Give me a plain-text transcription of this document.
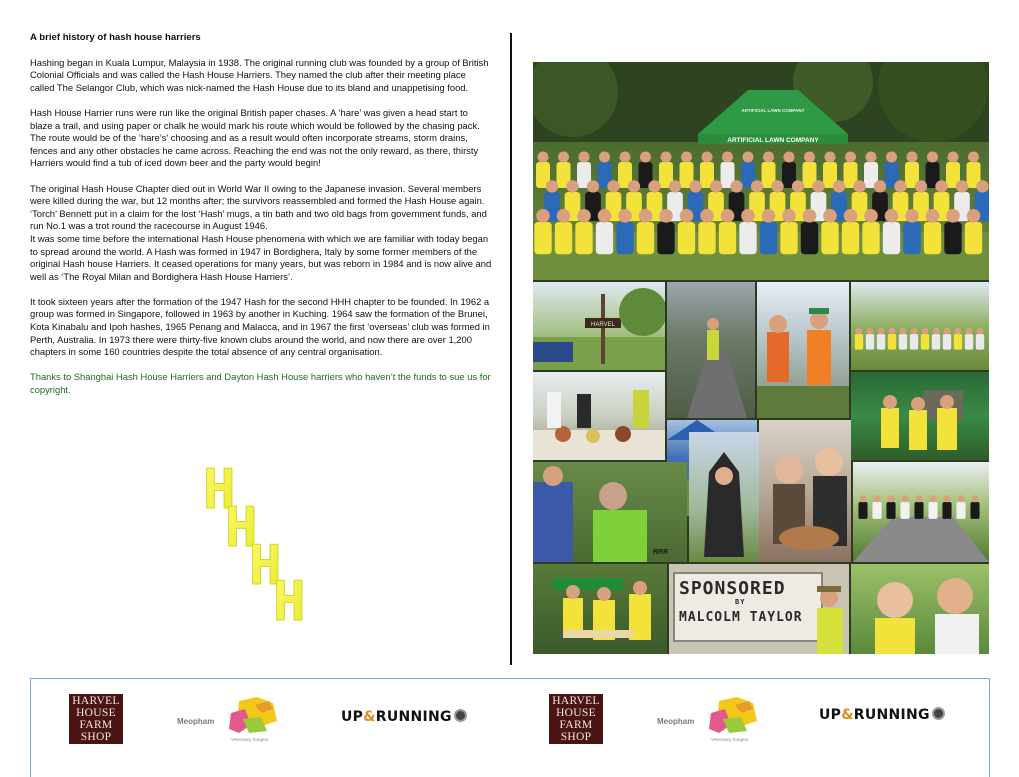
A brief history of hash house harriers

Hashing began in Kuala Lumpur, Malaysia in 1938. The original running club was founded by a group of British Colonial Officials and was called the Hash House Harriers. They named the club after their meeting place called The Selangor Club, which was nick-named the Hash House due to its bland and unappetising food.

Hash House Harrier runs were run like the original British paper chases. A ‘hare’ was given a head start to blaze a trail, and using paper or chalk he would mark his route which would be followed by the chasing pack. The route would be of the ‘hare’s’ choosing and as a result would often incorporate streams, storm drains, fences and any other obstacles he came across. Reaching the end was not the only reward, as there, thirsty Harriers would find a tub of iced down beer and the party would begin!

The original Hash House Chapter died out in World War II owing to the Japanese invasion. Several members were killed during the war, but 12 months after; the survivors reassembled and formed the Hash House again. ‘Torch’ Bennett put in a claim for the lost ‘Hash’ mugs, a tin bath and two old bags from government funds, and run No.1 was a trot round the racecourse in August 1946.

It was some time before the international Hash House phenomena with which we are familiar with today began to spread around the world. A Hash was formed in 1947 in Bordighera, Italy by some former members of the original Hash house Harriers. It ceased operations for many years, but was reborn in 1984 and is now alive and well as ‘The Royal Milan and Bordighera Hash House Harriers’.

It took sixteen years after the formation of the 1947 Hash for the second HHH chapter to be founded. In 1962 a group was formed in Singapore, followed in 1963 by another in Kuching. 1964 saw the formation of the Brunei, Kota Kinabalu and Ipoh hashes, 1965 Penang and Malacca, and in 1967 the first ‘overseas’ club was formed in Perth, Australia. In 1973 there were thirty-five known clubs around the world, and now there are over 1,200 chapters in some 160 countries despite the total absence of any central organisation.

Thanks to Shanghai Hash House Harriers and Dayton Hash House harriers who haven’t the funds to sue us for copyright.

H
H
H
H
ARTIFICIAL LAWN COMPANY
ARTIFICIAL LAWN COMPANY
HARVEL
RRR
SPONSORED
BY
MALCOLM TAYLOR
HARVEL
HOUSE
FARM
SHOP
Meopham
Veterinary Surgery
UP&RUNNING
HARVEL
HOUSE
FARM
SHOP
Meopham
Veterinary Surgery
UP&RUNNING
